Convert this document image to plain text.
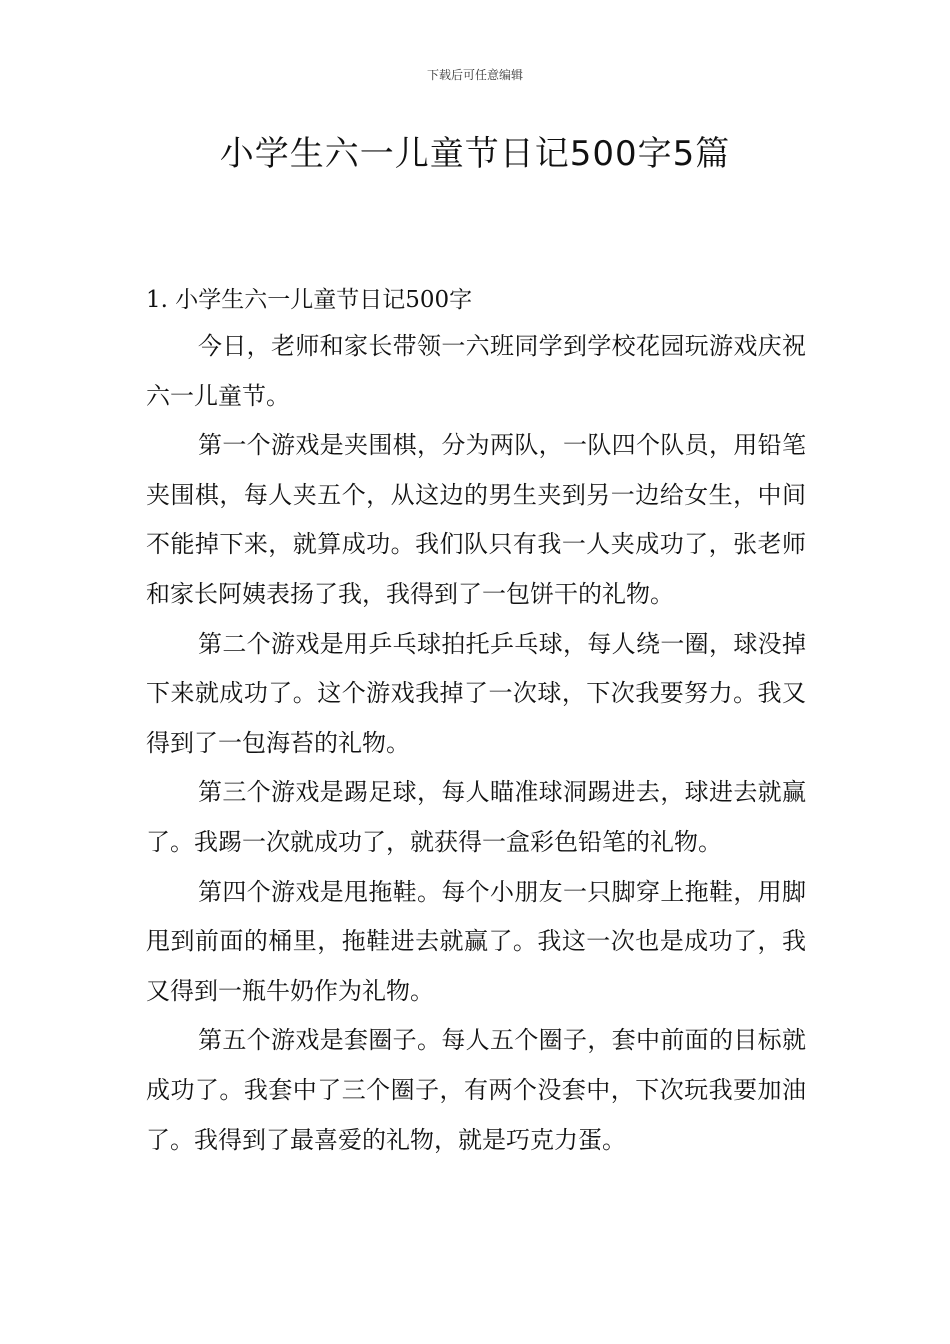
下载后可任意编辑
小学生六一儿童节日记500字5篇
1. 小学生六一儿童节日记500字

今日，老师和家长带领一六班同学到学校花园玩游戏庆祝六一儿童节。

第一个游戏是夹围棋，分为两队，一队四个队员，用铅笔夹围棋，每人夹五个，从这边的男生夹到另一边给女生，中间不能掉下来，就算成功。我们队只有我一人夹成功了，张老师和家长阿姨表扬了我，我得到了一包饼干的礼物。

第二个游戏是用乒乓球拍托乒乓球，每人绕一圈，球没掉下来就成功了。这个游戏我掉了一次球，下次我要努力。我又得到了一包海苔的礼物。

第三个游戏是踢足球，每人瞄准球洞踢进去，球进去就赢了。我踢一次就成功了，就获得一盒彩色铅笔的礼物。

第四个游戏是甩拖鞋。每个小朋友一只脚穿上拖鞋，用脚甩到前面的桶里，拖鞋进去就赢了。我这一次也是成功了，我又得到一瓶牛奶作为礼物。

第五个游戏是套圈子。每人五个圈子，套中前面的目标就成功了。我套中了三个圈子，有两个没套中，下次玩我要加油了。我得到了最喜爱的礼物，就是巧克力蛋。
